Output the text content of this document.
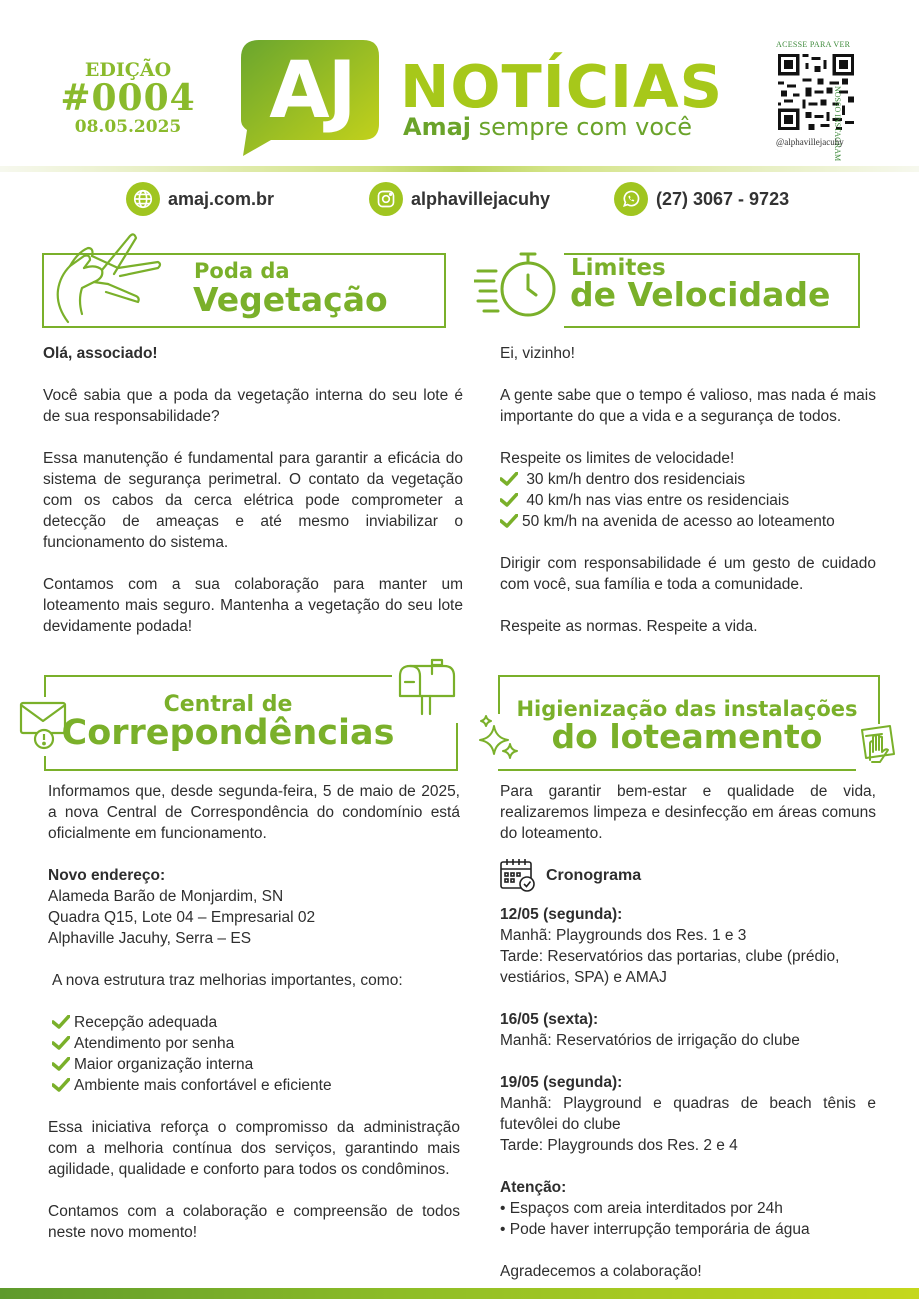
EDIÇÃO
#0004
08.05.2025 AJ NOTÍCIAS
Amaj sempre com você
ACESSE PARA VER
NOSSO INSTAGRAM
@alphavillejacuhy
amaj.com.br	alphavillejacuhy	(27) 3067 - 9723
Poda da
Vegetação

Olá, associado!

Você sabia que a poda da vegetação interna do seu lote é de sua responsabilidade?

Essa manutenção é fundamental para garantir a eficácia do sistema de segurança perimetral. O contato da vegetação com os cabos da cerca elétrica pode comprometer a detecção de ameaças e até mesmo inviabilizar o funcionamento do sistema.

Contamos com a sua colaboração para manter um loteamento mais seguro. Mantenha a vegetação do seu lote devidamente podada!

Limites
de Velocidade

Ei, vizinho!

A gente sabe que o tempo é valioso, mas nada é mais importante do que a vida e a segurança de todos.

Respeite os limites de velocidade!

30 km/h dentro dos residenciais
40 km/h nas vias entre os residenciais
50 km/h na avenida de acesso ao loteamento

Dirigir com responsabilidade é um gesto de cuidado com você, sua família e toda a comunidade.

Respeite as normas. Respeite a vida.

Central de
Correpondências

Informamos que, desde segunda-feira, 5 de maio de 2025, a nova Central de Correspondência do condomínio está oficialmente em funcionamento.

Novo endereço:

Alameda Barão de Monjardim, SN

Quadra Q15, Lote 04 – Empresarial 02

Alphaville Jacuhy, Serra – ES

A nova estrutura traz melhorias importantes, como:

Recepção adequada
Atendimento por senha
Maior organização interna
Ambiente mais confortável e eficiente

Essa iniciativa reforça o compromisso da administração com a melhoria contínua dos serviços, garantindo mais agilidade, qualidade e conforto para todos os condôminos.

Contamos com a colaboração e compreensão de todos neste novo momento!

Higienização das instalações
do loteamento

Para garantir bem-estar e qualidade de vida, realizaremos limpeza e desinfecção em áreas comuns do loteamento.

Cronograma

12/05 (segunda):

Manhã: Playgrounds dos Res. 1 e 3

Tarde: Reservatórios das portarias, clube (prédio, vestiários, SPA) e AMAJ

16/05 (sexta):

Manhã: Reservatórios de irrigação do clube

19/05 (segunda):

Manhã: Playground e quadras de beach tênis e futevôlei do clube

Tarde: Playgrounds dos Res. 2 e 4

Atenção:

• Espaços com areia interditados por 24h

• Pode haver interrupção temporária de água

Agradecemos a colaboração!
